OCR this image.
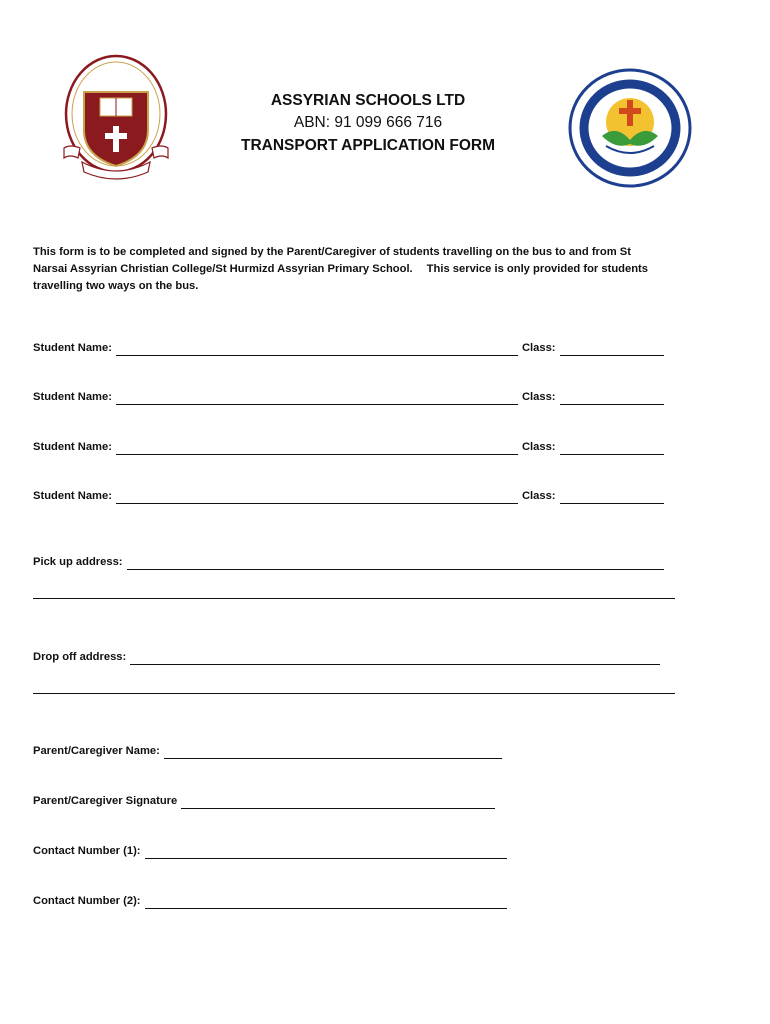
ASSYRIAN SCHOOLS LTD
ABN: 91 099 666 716
TRANSPORT APPLICATION FORM
This form is to be completed and signed by the Parent/Caregiver of students travelling on the bus to and from St
Narsai Assyrian Christian College/St Hurmizd Assyrian Primary School. This service is only provided for students
travelling two ways on the bus.
Student Name:	Class:
Student Name:	Class:
Student Name:	Class:
Student Name:	Class:
Pick up address:
Drop off address:
Parent/Caregiver Name:
Parent/Caregiver Signature
Contact Number (1):
Contact Number (2):
